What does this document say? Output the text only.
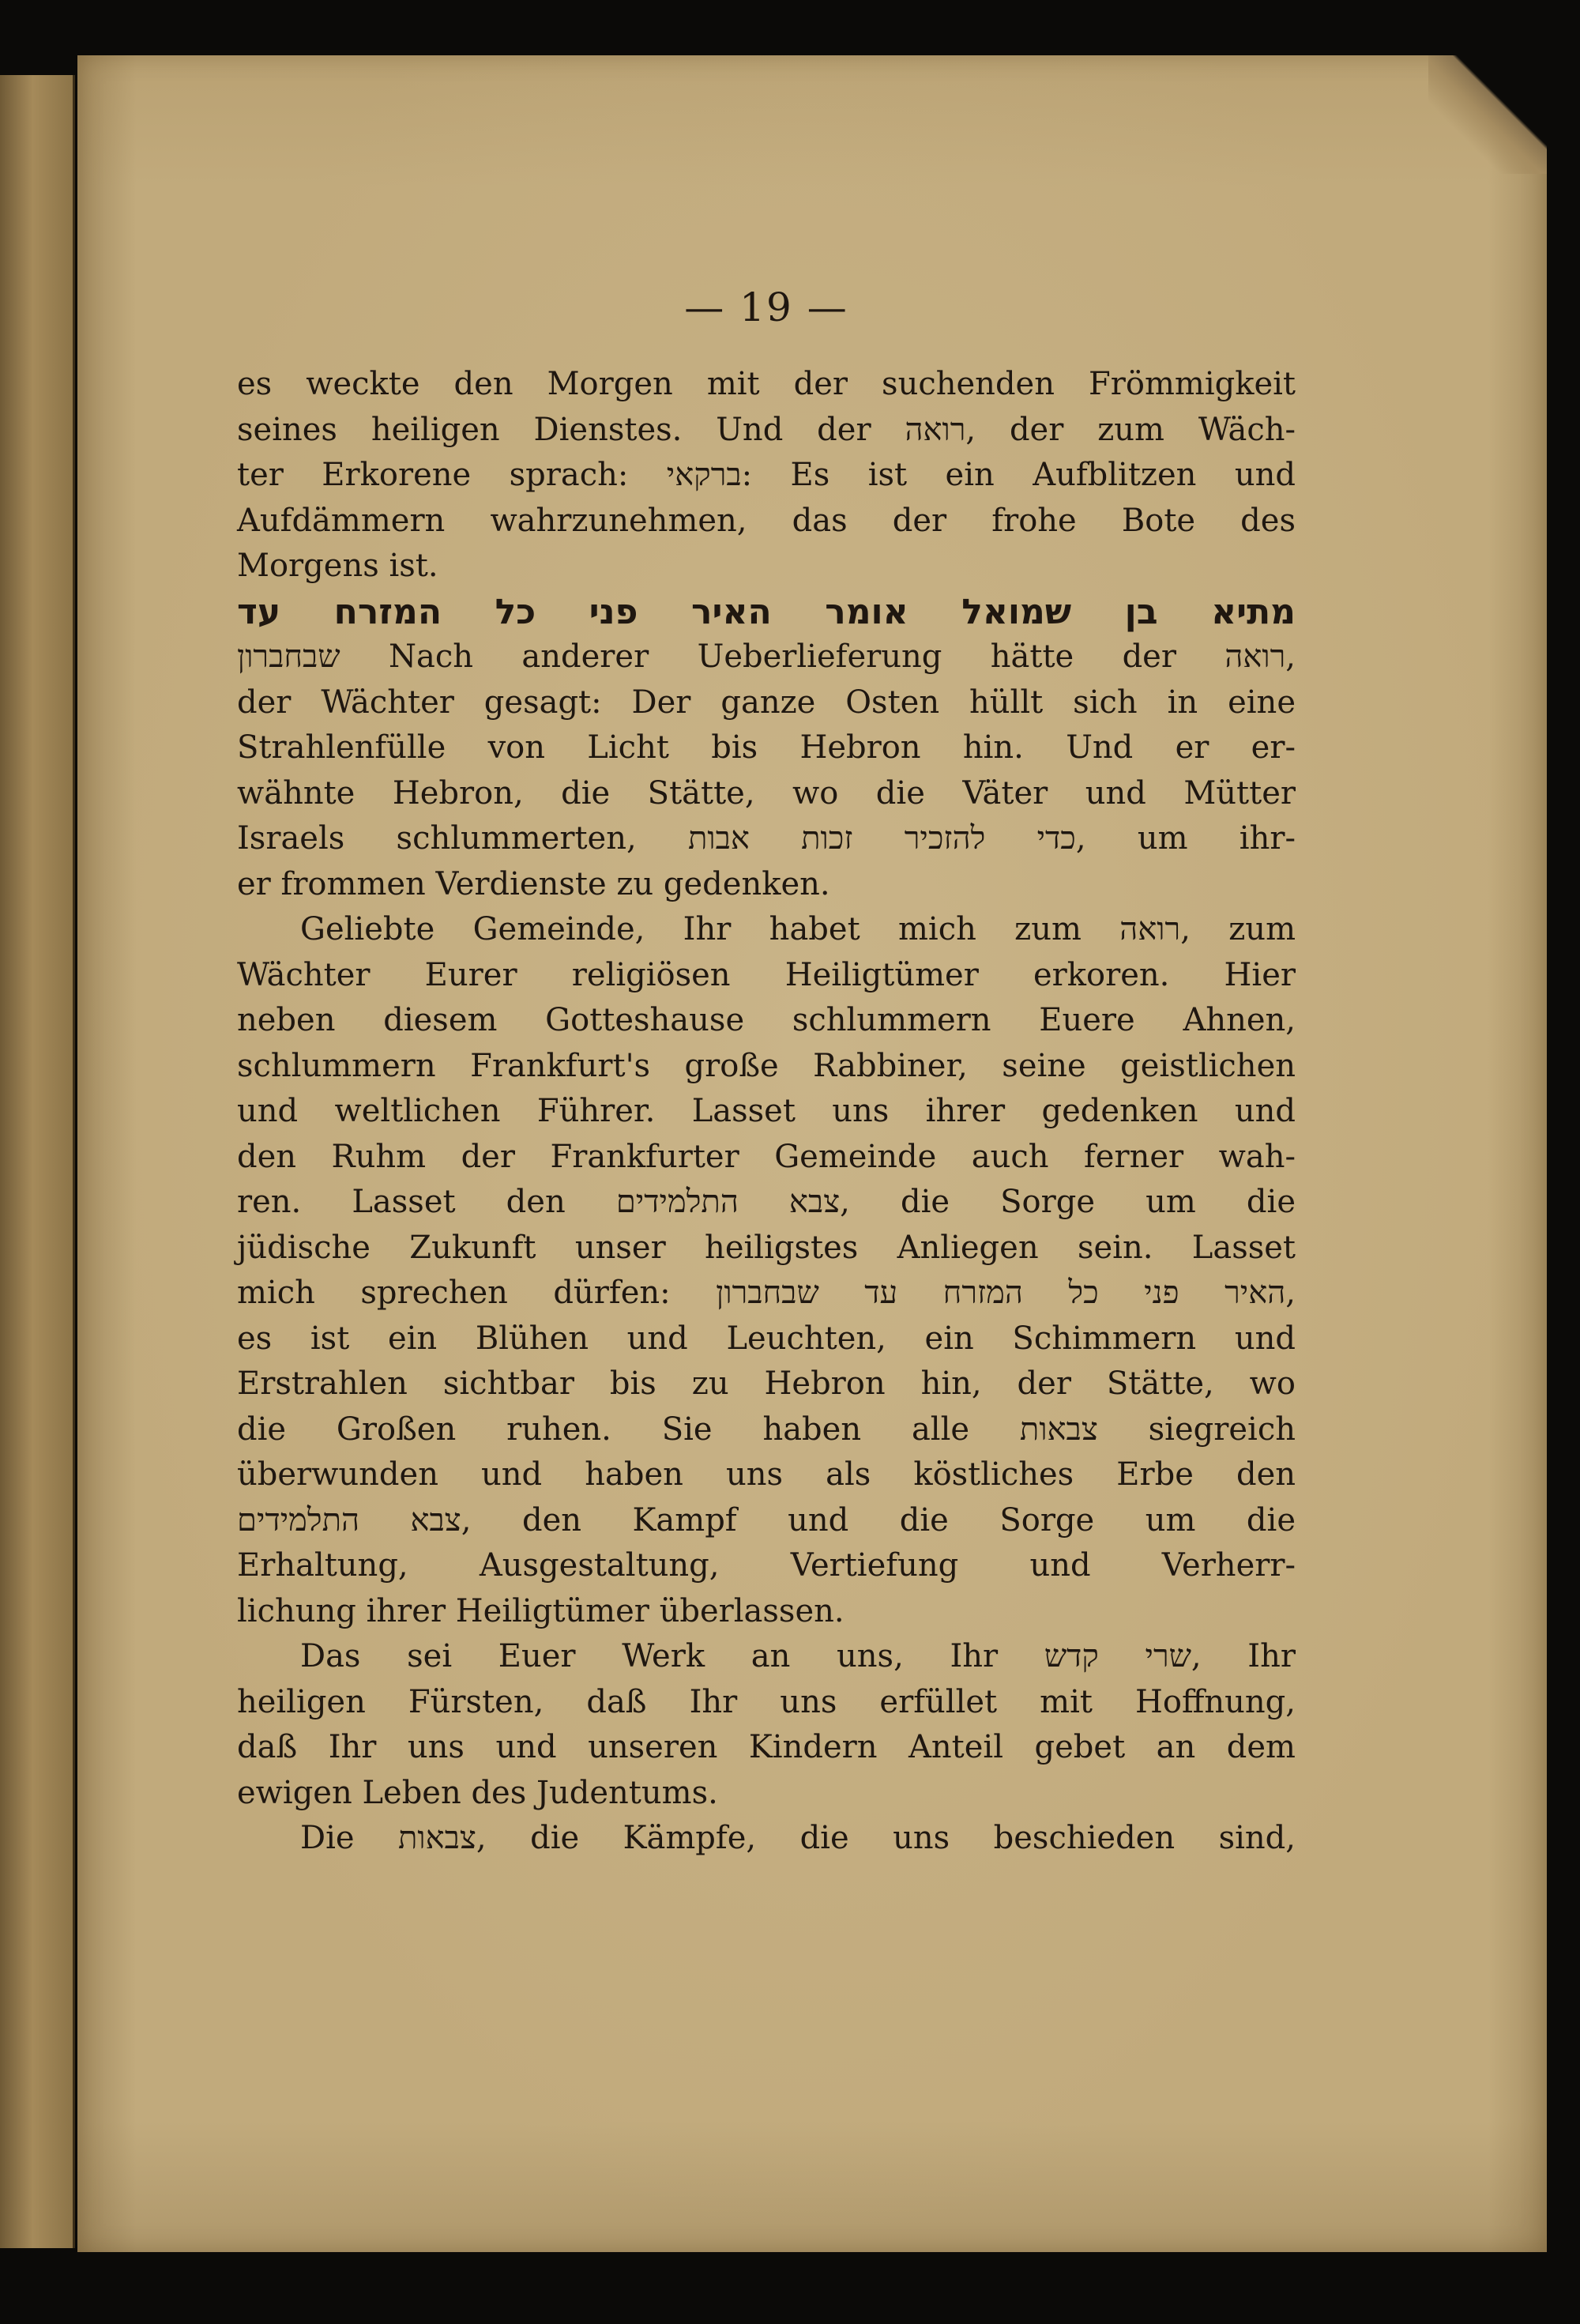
— 19 —
es weckte den Morgen mit der suchenden Frömmigkeit
seines heiligen Dienstes. Und der רואה, der zum Wäch-
ter Erkorene sprach: ברקאי: Es ist ein Aufblitzen und
Aufdämmern wahrzunehmen, das der frohe Bote des
Morgens ist.
מתיא בן שמואל אומר האיר פני כל המזרח עד
שבחברון Nach anderer Ueberlieferung hätte der רואה,
der Wächter gesagt: Der ganze Osten hüllt sich in eine
Strahlenfülle von Licht bis Hebron hin. Und er er-
wähnte Hebron, die Stätte, wo die Väter und Mütter
Israels schlummerten, כדי להזכיר זכות אבות, um ihr-
er frommen Verdienste zu gedenken.
Geliebte Gemeinde, Ihr habet mich zum רואה, zum
Wächter Eurer religiösen Heiligtümer erkoren. Hier
neben diesem Gotteshause schlummern Euere Ahnen,
schlummern Frankfurt's große Rabbiner, seine geistlichen
und weltlichen Führer. Lasset uns ihrer gedenken und
den Ruhm der Frankfurter Gemeinde auch ferner wah-
ren. Lasset den צבא התלמידים, die Sorge um die
jüdische Zukunft unser heiligstes Anliegen sein. Lasset
mich sprechen dürfen: האיר פני כל המזרח עד שבחברון,
es ist ein Blühen und Leuchten, ein Schimmern und
Erstrahlen sichtbar bis zu Hebron hin, der Stätte, wo
die Großen ruhen. Sie haben alle צבאות siegreich
überwunden und haben uns als köstliches Erbe den
צבא התלמידים, den Kampf und die Sorge um die
Erhaltung, Ausgestaltung, Vertiefung und Verherr-
lichung ihrer Heiligtümer überlassen.
Das sei Euer Werk an uns, Ihr שרי קדש, Ihr
heiligen Fürsten, daß Ihr uns erfüllet mit Hoffnung,
daß Ihr uns und unseren Kindern Anteil gebet an dem
ewigen Leben des Judentums.
Die צבאות, die Kämpfe, die uns beschieden sind,
